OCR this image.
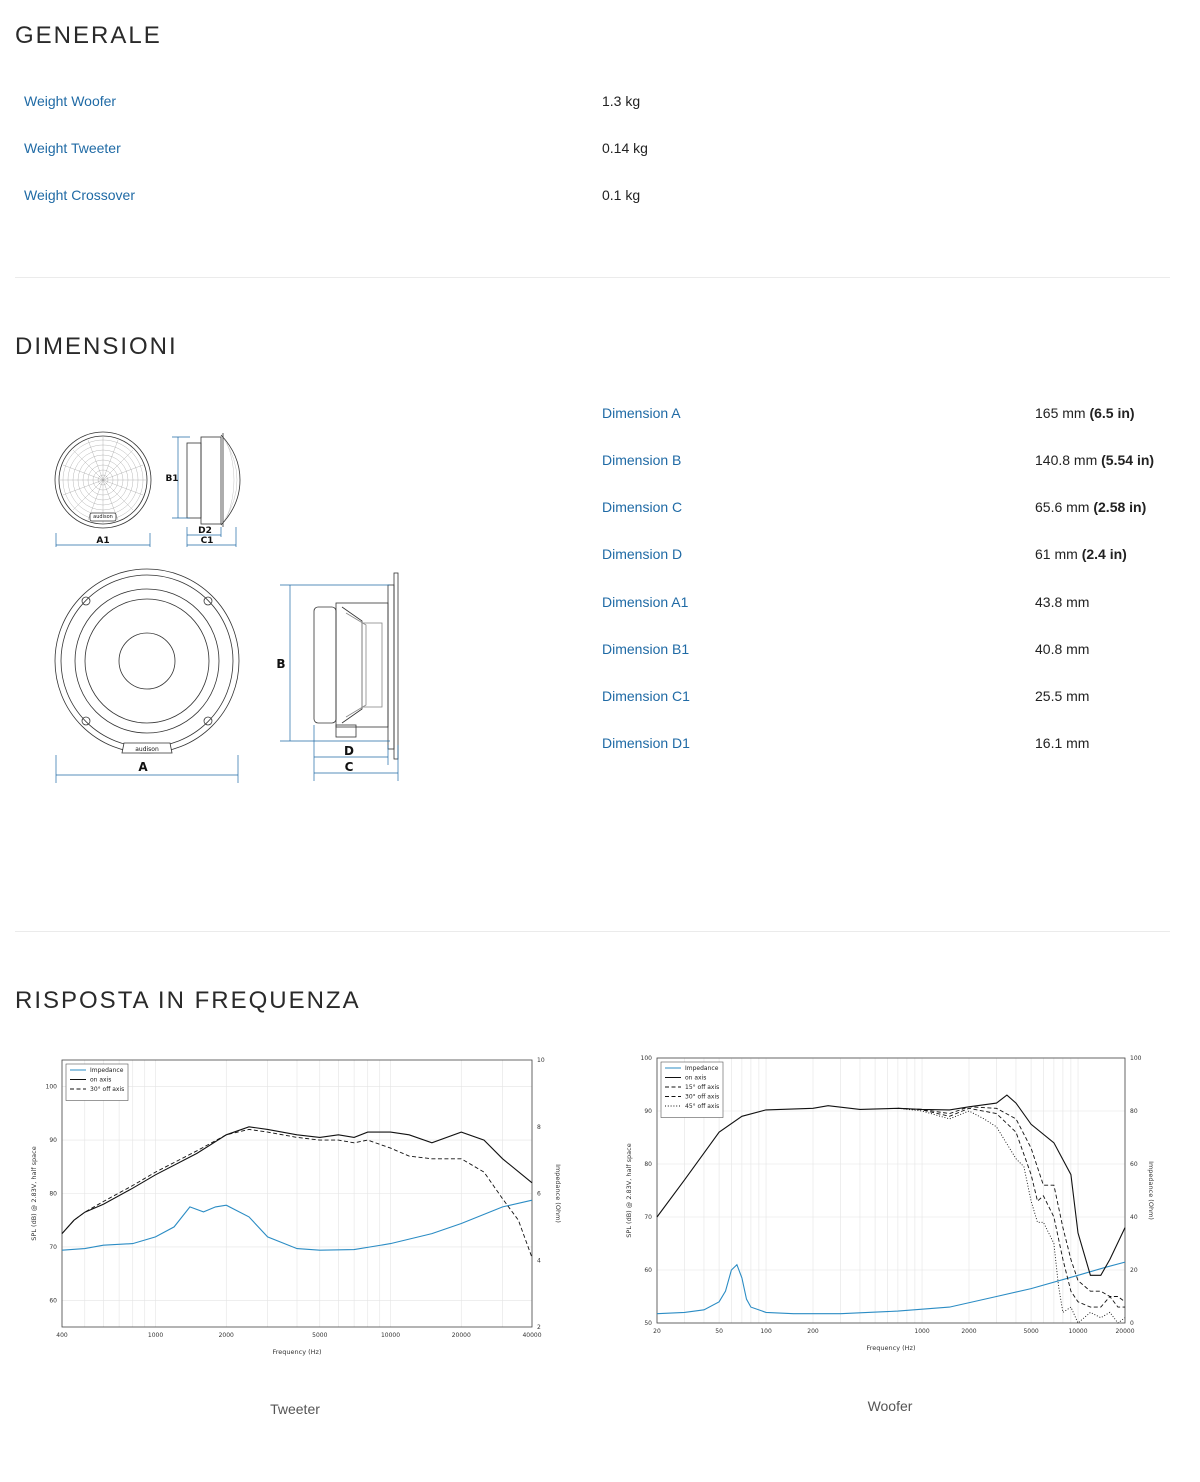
GENERALE
Weight Woofer	1.3 kg
Weight Tweeter	0.14 kg
Weight Crossover	0.1 kg
DIMENSIONI
audison
A1
B1
D2
C1
audison
A
B
D
C
Dimension A	165 mm (6.5 in)
Dimension B	140.8 mm (5.54 in)
Dimension C	65.6 mm (2.58 in)
Dimension D	61 mm (2.4 in)
Dimension A1	43.8 mm
Dimension B1	40.8 mm
Dimension C1	25.5 mm
Dimension D1	16.1 mm
RISPOSTA IN FREQUENZA
60
70
80
90
100
2
4
6
8
10
400	1000	2000	5000	10000	20000	40000
Frequency (Hz)
SPL (dB) @ 2.83V, half space	Impedance (Ohm)
Impedance
on axis
30° off axis
50
60
70
80
90
100
0
20
40
60
80
100
20	50	100	200	1000	2000	5000	10000	20000
Frequency (Hz)
SPL (dB) @ 2.83V, half space	Impedance (Ohm)
Impedance
on axis
15° off axis
30° off axis
45° off axis
Tweeter	Woofer
